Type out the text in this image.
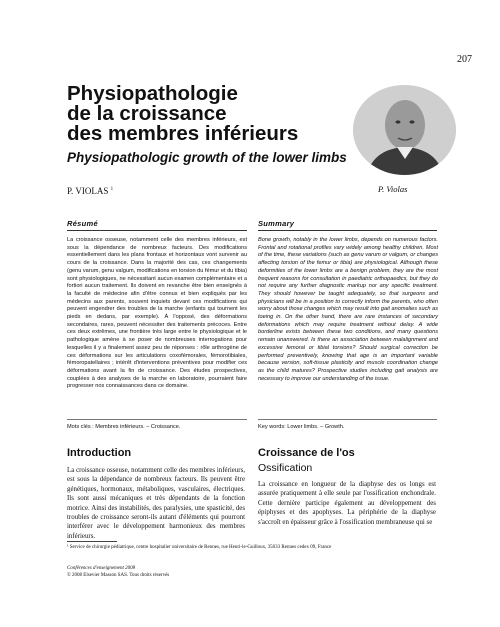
207
Physiopathologie
de la croissance
des membres inférieurs
Physiopathologic growth of the lower limbs
P. Violas
P. VIOLAS $^1$
Résumé	Summary
La croissance osseuse, notamment celle des membres inférieurs, est sous la dépendance de nombreux facteurs. Des modifications essentiellement dans les plans frontaux et horizontaux vont survenir au cours de la croissance. Dans la majorité des cas, ces changements (genu varum, genu valgum, modifications en torsion du fémur et du tibia) sont physiologiques, ne nécessitant aucun examen complémentaire et a fortiori aucun traitement. Ils doivent en revanche être bien enseignés à la faculté de médecine afin d'être connus et bien expliqués par les médecins aux parents, souvent inquiets devant ces modifications qui peuvent engendrer des troubles de la marche (enfants qui tournent les pieds en dedans, par exemple). À l'opposé, des déformations secondaires, rares, peuvent nécessiter des traitements précoces. Entre ces deux extrêmes, une frontière très large entre le physiologique et le pathologique amène à se poser de nombreuses interrogations pour lesquelles il y a finalement assez peu de réponses : rôle arthrogène de ces déformations sur les articulations coxofémorales, fémorotibiales, fémoropatellaires ; intérêt d'interventions préventives pour modifier ces déformations avant la fin de croissance. Des études prospectives, couplées à des analyses de la marche en laboratoire, pourraient faire progresser nos connaissances dans ce domaine.
Bone growth, notably in the lower limbs, depends on numerous factors. Frontal and rotational profiles vary widely among healthy children. Most of the time, these variations (such as genu varum or valgum, or changes affecting torsion of the femur or tibia) are physiological. Although these deformities of the lower limbs are a benign problem, they are the most frequent reasons for consultation in paediatric orthopaedics, but they do not require any further diagnostic markup nor any specific treatment. They should however be taught adequately, so that surgeons and physicians will be in a position to correctly inform the parents, who often worry about those changes which may result into gait anomalies such as toeing in. On the other hand, there are rare instances of secondary deformations which may require treatment without delay. A wide borderline exists between these two conditions, and many questions remain unanswered. Is there an association between malalignment and excessive femoral or tibial torsions? Should surgical correction be performed preventively, knowing that age is an important variable because version, soft-tissue plasticity and muscle coordination change as the child matures? Prospective studies including gait analysis are necessary to improve our understanding of the issue.
Mots clés : Membres inférieurs. – Croissance.	Key words: Lower limbs. – Growth.
Introduction
La croissance osseuse, notamment celle des membres inférieurs, est sous la dépendance de nombreux facteurs. Ils peuvent être génétiques, hormonaux, métaboliques, vasculaires, électriques. Ils sont aussi mécaniques et très dépendants de la fonction motrice. Ainsi des instabilités, des paralysies, une spasticité, des troubles de croissance seront-ils autant d'éléments qui pourront interférer avec le développement harmonieux des membres inférieurs.
Croissance de l'os
Ossification
La croissance en longueur de la diaphyse des os longs est assurée pratiquement à elle seule par l'ossification enchondrale. Cette dernière participe également au développement des épiphyses et des apophyses. La périphérie de la diaphyse s'accroît en épaisseur grâce à l'ossification membraneuse qui se
¹ Service de chirurgie pédiatrique, centre hospitalier universitaire de Rennes, rue Henri-le-Guilloux, 35033 Rennes cedex 09, France
Conférences d'enseignement 2008
© 2008 Elsevier Masson SAS. Tous droits réservés
